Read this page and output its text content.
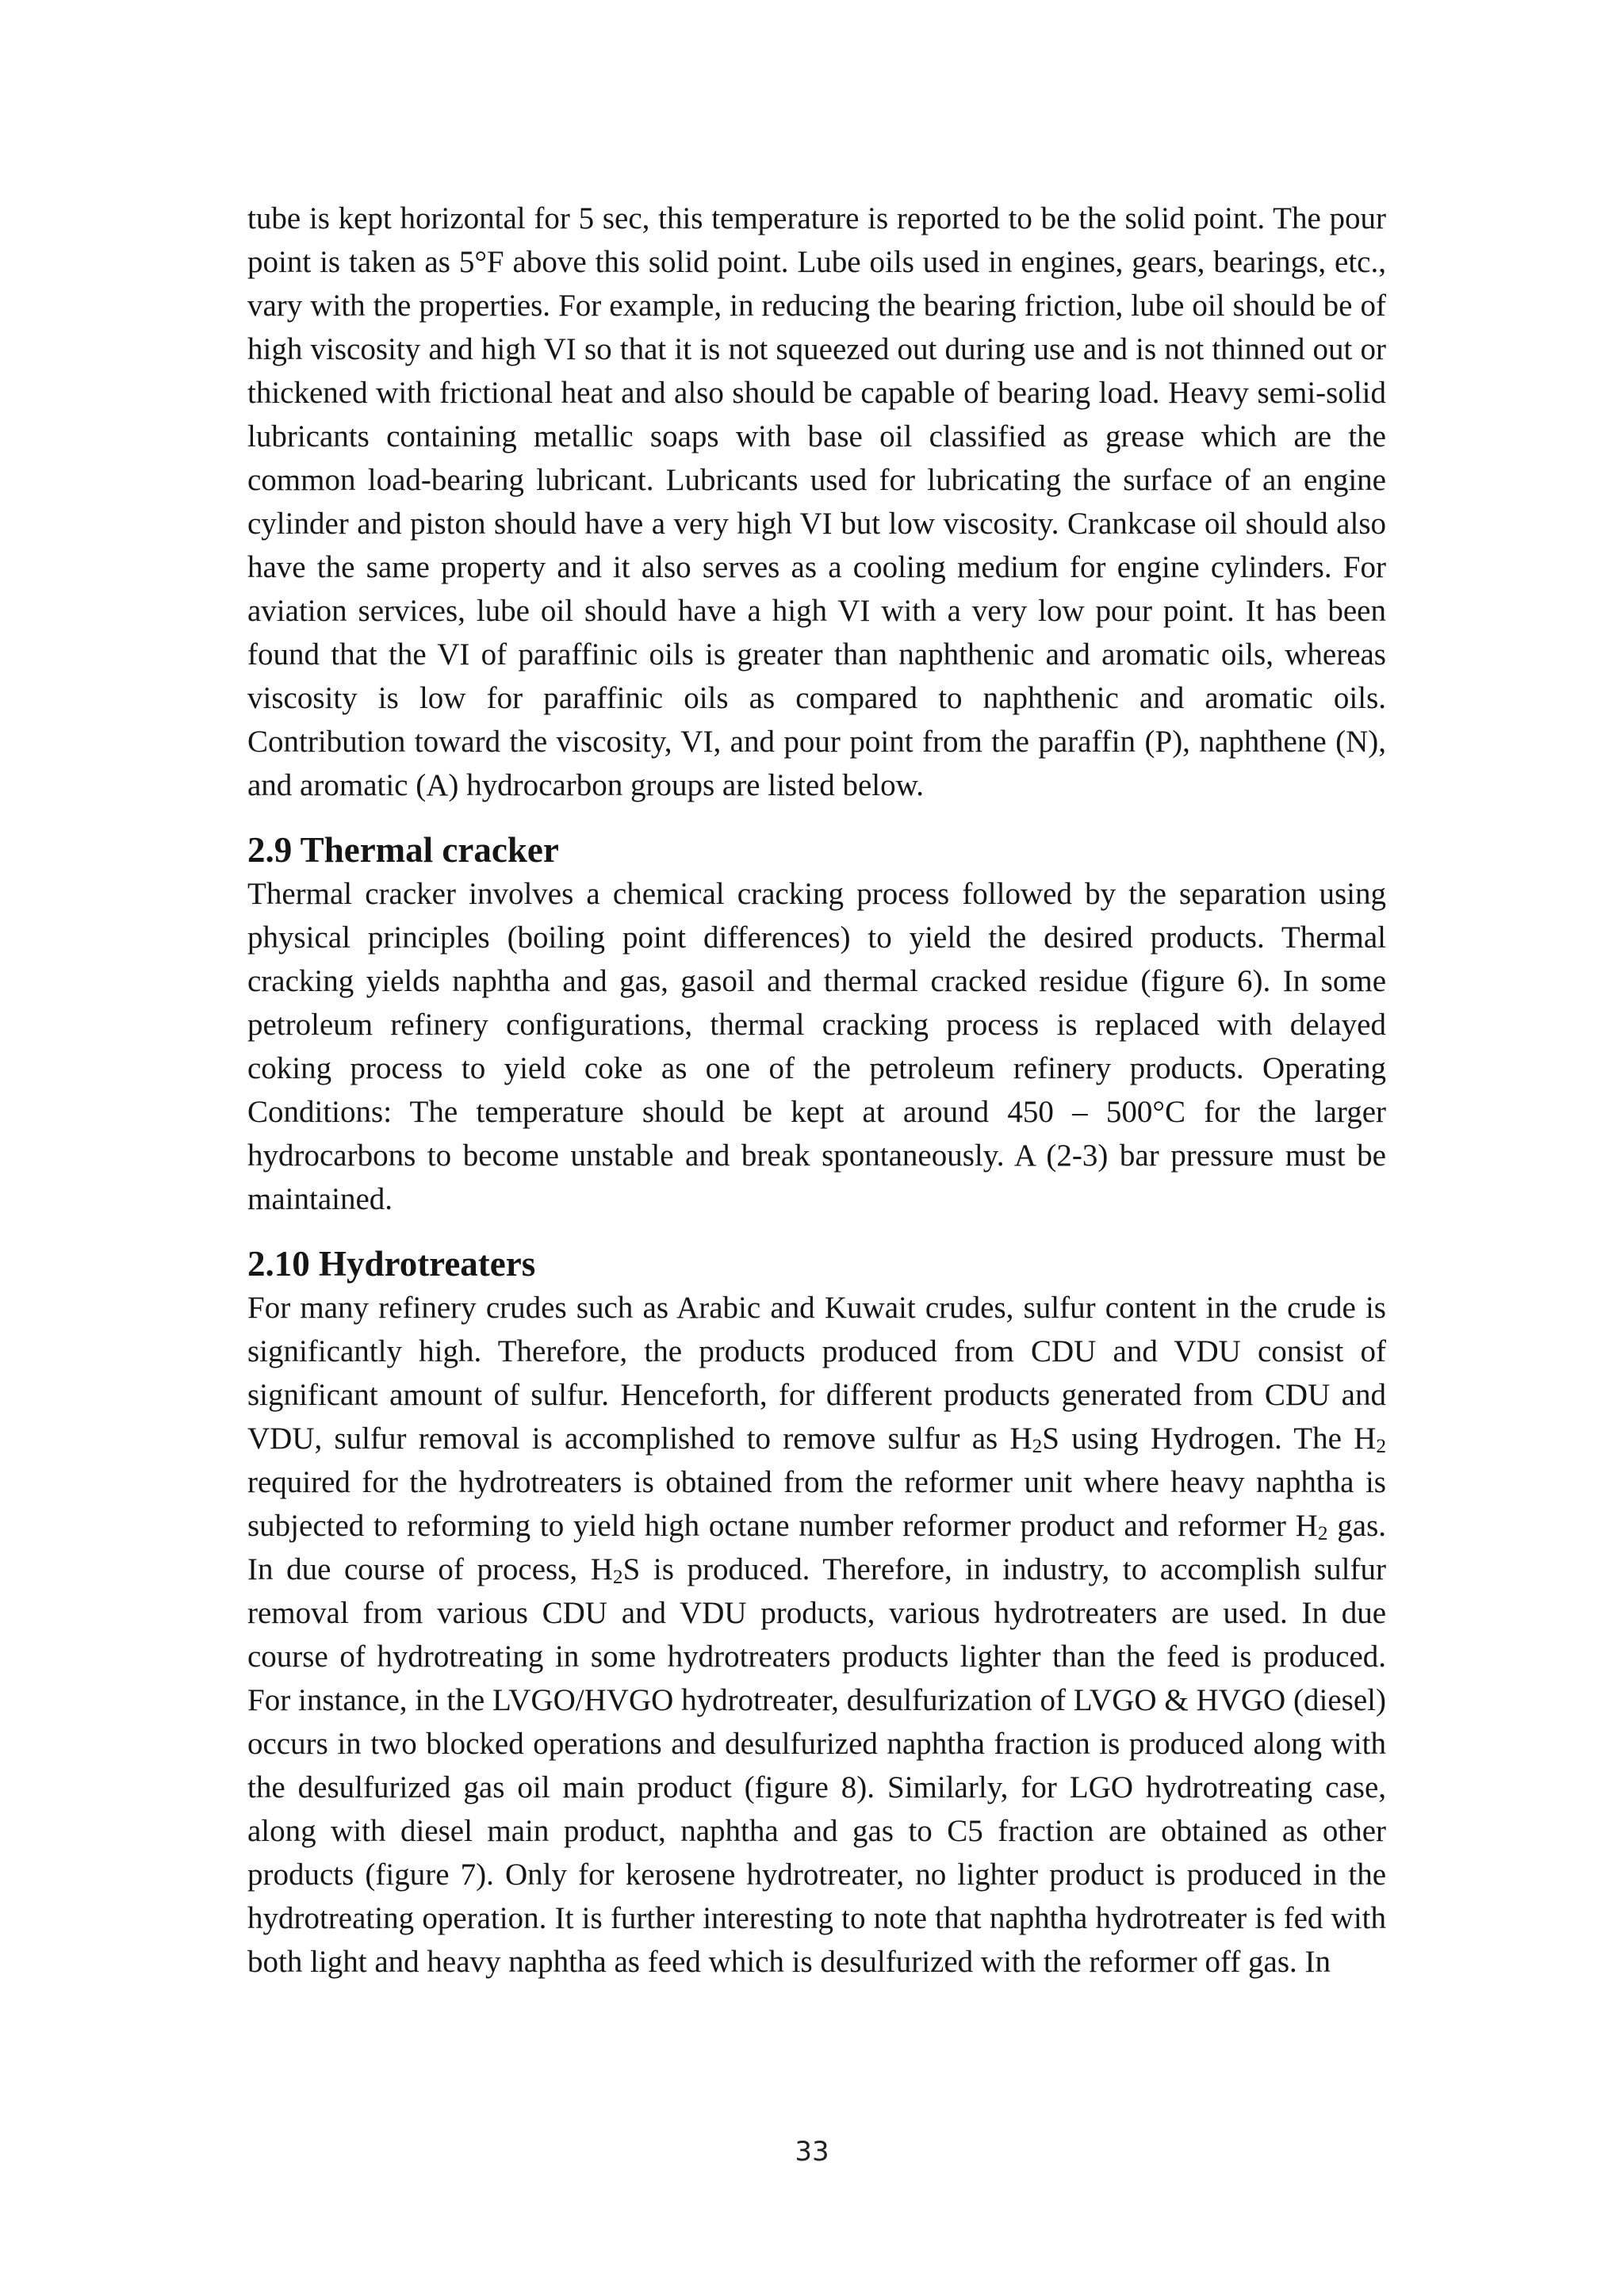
tube is kept horizontal for 5 sec, this temperature is reported to be the solid point. The pour point is taken as 5°F above this solid point. Lube oils used in engines, gears, bearings, etc., vary with the properties. For example, in reducing the bearing friction, lube oil should be of high viscosity and high VI so that it is not squeezed out during use and is not thinned out or thickened with frictional heat and also should be capable of bearing load. Heavy semi-solid lubricants containing metallic soaps with base oil classified as grease which are the common load-bearing lubricant. Lubricants used for lubricating the surface of an engine cylinder and piston should have a very high VI but low viscosity. Crankcase oil should also have the same property and it also serves as a cooling medium for engine cylinders. For aviation services, lube oil should have a high VI with a very low pour point. It has been found that the VI of paraffinic oils is greater than naphthenic and aromatic oils, whereas viscosity is low for paraffinic oils as compared to naphthenic and aromatic oils. Contribution toward the viscosity, VI, and pour point from the paraffin (P), naphthene (N), and aromatic (A) hydrocarbon groups are listed below.

2.9 Thermal cracker

Thermal cracker involves a chemical cracking process followed by the separation using physical principles (boiling point differences) to yield the desired products. Thermal cracking yields naphtha and gas, gasoil and thermal cracked residue (figure 6). In some petroleum refinery configurations, thermal cracking process is replaced with delayed coking process to yield coke as one of the petroleum refinery products. Operating Conditions: The temperature should be kept at around 450 – 500°C for the larger hydrocarbons to become unstable and break spontaneously. A (2-3) bar pressure must be maintained.

2.10 Hydrotreaters

For many refinery crudes such as Arabic and Kuwait crudes, sulfur content in the crude is significantly high. Therefore, the products produced from CDU and VDU consist of significant amount of sulfur. Henceforth, for different products generated from CDU and VDU, sulfur removal is accomplished to remove sulfur as $H_2S$ using Hydrogen. The $H_2$ required for the hydrotreaters is obtained from the reformer unit where heavy naphtha is subjected to reforming to yield high octane number reformer product and reformer $H_2$ gas. In due course of process, $H_2S$ is produced. Therefore, in industry, to accomplish sulfur removal from various CDU and VDU products, various hydrotreaters are used. In due course of hydrotreating in some hydrotreaters products lighter than the feed is produced. For instance, in the LVGO/HVGO hydrotreater, desulfurization of LVGO & HVGO (diesel) occurs in two blocked operations and desulfurized naphtha fraction is produced along with the desulfurized gas oil main product (figure 8). Similarly, for LGO hydrotreating case, along with diesel main product, naphtha and gas to C5 fraction are obtained as other products (figure 7). Only for kerosene hydrotreater, no lighter product is produced in the hydrotreating operation. It is further interesting to note that naphtha hydrotreater is fed with both light and heavy naphtha as feed which is desulfurized with the reformer off gas. In

33
